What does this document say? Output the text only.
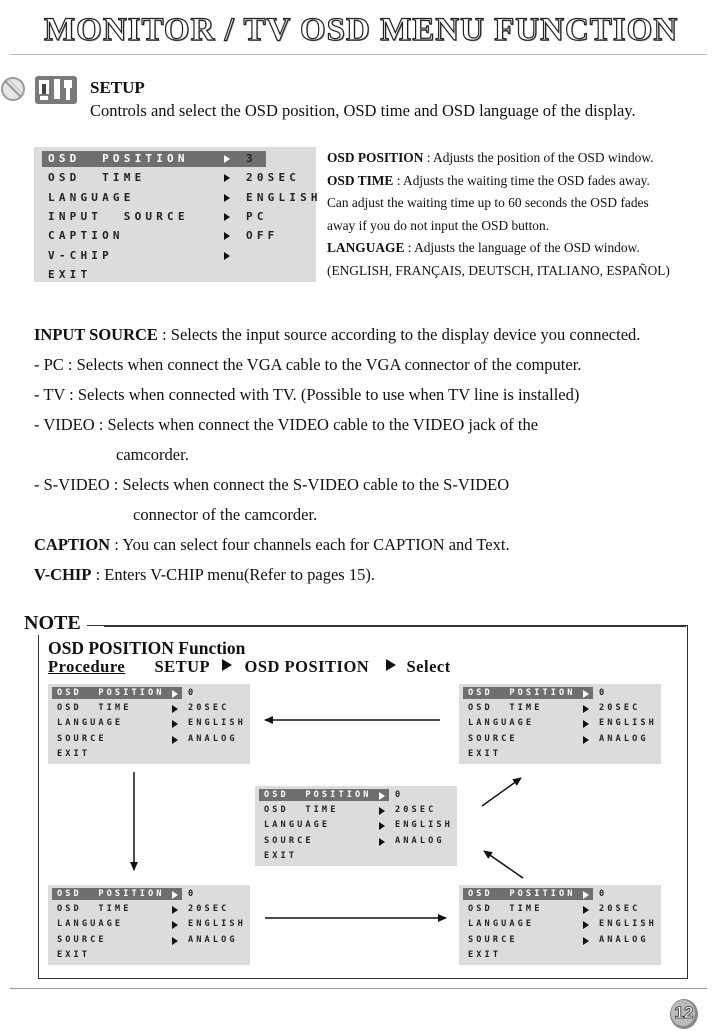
MONITOR / TV OSD MENU FUNCTION
SETUP
Controls and select the OSD position, OSD time and OSD language of the display.
OSD  POSITION	3
OSD  TIME	20SEC
LANGUAGE	ENGLISH
INPUT  SOURCE	PC
CAPTION	OFF
V-CHIP
EXIT
OSD POSITION : Adjusts the position of the OSD window.
OSD TIME : Adjusts the waiting time the OSD fades away.
Can adjust the waiting time up to 60 seconds the OSD fades
away if you do not input the OSD button.
LANGUAGE : Adjusts the language of the OSD window.
(ENGLISH, FRANÇAIS, DEUTSCH, ITALIANO, ESPAÑOL)
INPUT SOURCE : Selects the input source according to the display device you connected.
- PC : Selects when connect the VGA cable to the VGA connector of the computer.
- TV : Selects when connected with TV. (Possible to use when TV line is installed)
- VIDEO : Selects when connect the VIDEO cable to the VIDEO jack of the
camcorder.
- S-VIDEO : Selects when connect the S-VIDEO cable to the S-VIDEO
connector of the camcorder.
CAPTION : You can select four channels each for CAPTION and Text.
V-CHIP : Enters V-CHIP menu(Refer to pages 15).
NOTE
OSD POSITION Function
Procedure SETUP OSD POSITION Select
OSD  POSITION	0
OSD  TIME	20SEC
LANGUAGE	ENGLISH
SOURCE	ANALOG
EXIT
OSD  POSITION	0
OSD  TIME	20SEC
LANGUAGE	ENGLISH
SOURCE	ANALOG
EXIT
OSD  POSITION	0
OSD  TIME	20SEC
LANGUAGE	ENGLISH
SOURCE	ANALOG
EXIT
OSD  POSITION	0
OSD  TIME	20SEC
LANGUAGE	ENGLISH
SOURCE	ANALOG
EXIT
OSD  POSITION	0
OSD  TIME	20SEC
LANGUAGE	ENGLISH
SOURCE	ANALOG
EXIT
12
